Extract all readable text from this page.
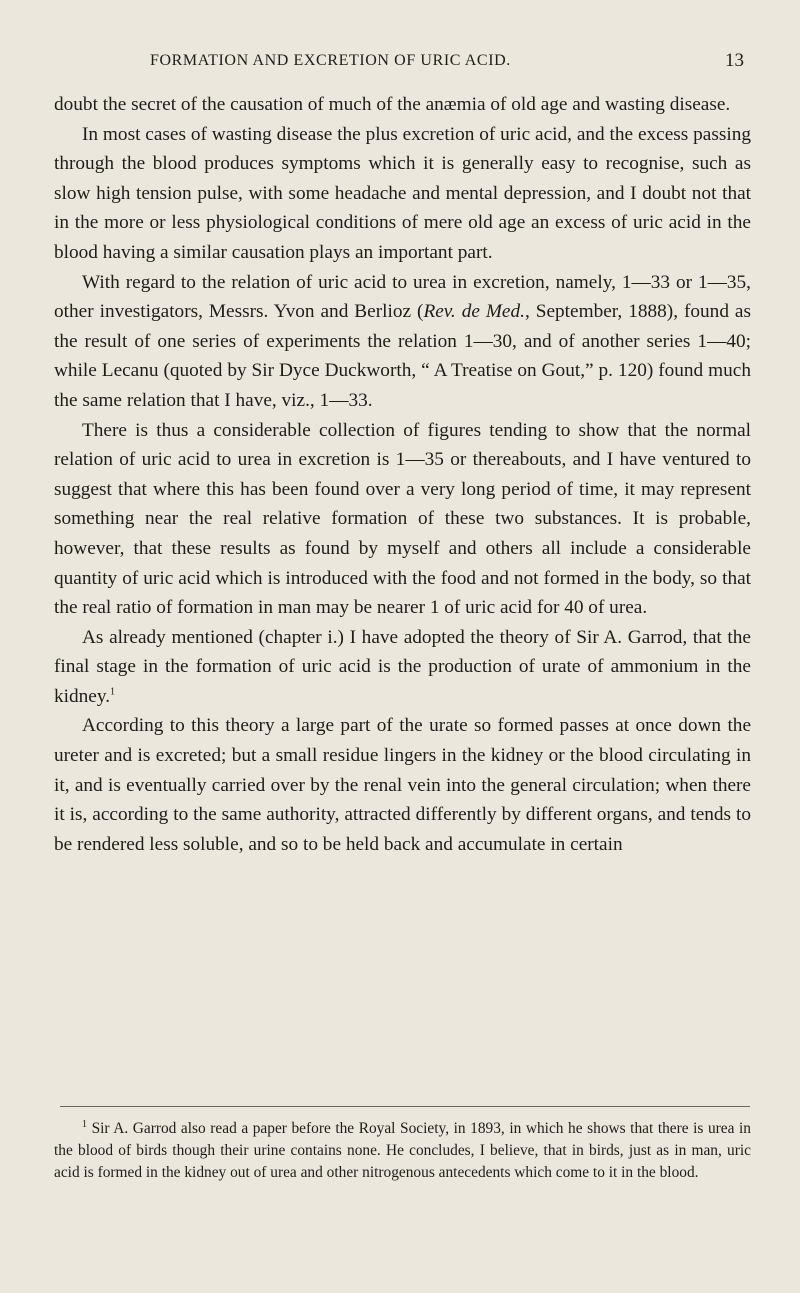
FORMATION AND EXCRETION OF URIC ACID.	13

doubt the secret of the causation of much of the anæmia of old age and wasting disease.

In most cases of wasting disease the plus excretion of uric acid, and the excess passing through the blood produces symptoms which it is generally easy to recognise, such as slow high tension pulse, with some headache and mental depression, and I doubt not that in the more or less physiological conditions of mere old age an excess of uric acid in the blood having a similar causation plays an important part.

With regard to the relation of uric acid to urea in excretion, namely, 1—33 or 1—35, other investigators, Messrs. Yvon and Berlioz (Rev. de Med., September, 1888), found as the result of one series of experiments the relation 1—30, and of another series 1—40; while Lecanu (quoted by Sir Dyce Duckworth, “ A Treatise on Gout,” p. 120) found much the same relation that I have, viz., 1—33.

There is thus a considerable collection of figures tending to show that the normal relation of uric acid to urea in excretion is 1—35 or thereabouts, and I have ventured to suggest that where this has been found over a very long period of time, it may represent something near the real relative formation of these two substances. It is probable, however, that these results as found by myself and others all include a considerable quantity of uric acid which is introduced with the food and not formed in the body, so that the real ratio of formation in man may be nearer 1 of uric acid for 40 of urea.

As already mentioned (chapter i.) I have adopted the theory of Sir A. Garrod, that the final stage in the formation of uric acid is the production of urate of ammonium in the kidney.$^1$

According to this theory a large part of the urate so formed passes at once down the ureter and is excreted; but a small residue lingers in the kidney or the blood circulating in it, and is eventually carried over by the renal vein into the general circulation; when there it is, according to the same authority, attracted differently by different organs, and tends to be rendered less soluble, and so to be held back and accumulate in certain

$^1$ Sir A. Garrod also read a paper before the Royal Society, in 1893, in which he shows that there is urea in the blood of birds though their urine contains none. He concludes, I believe, that in birds, just as in man, uric acid is formed in the kidney out of urea and other nitrogenous antecedents which come to it in the blood.
